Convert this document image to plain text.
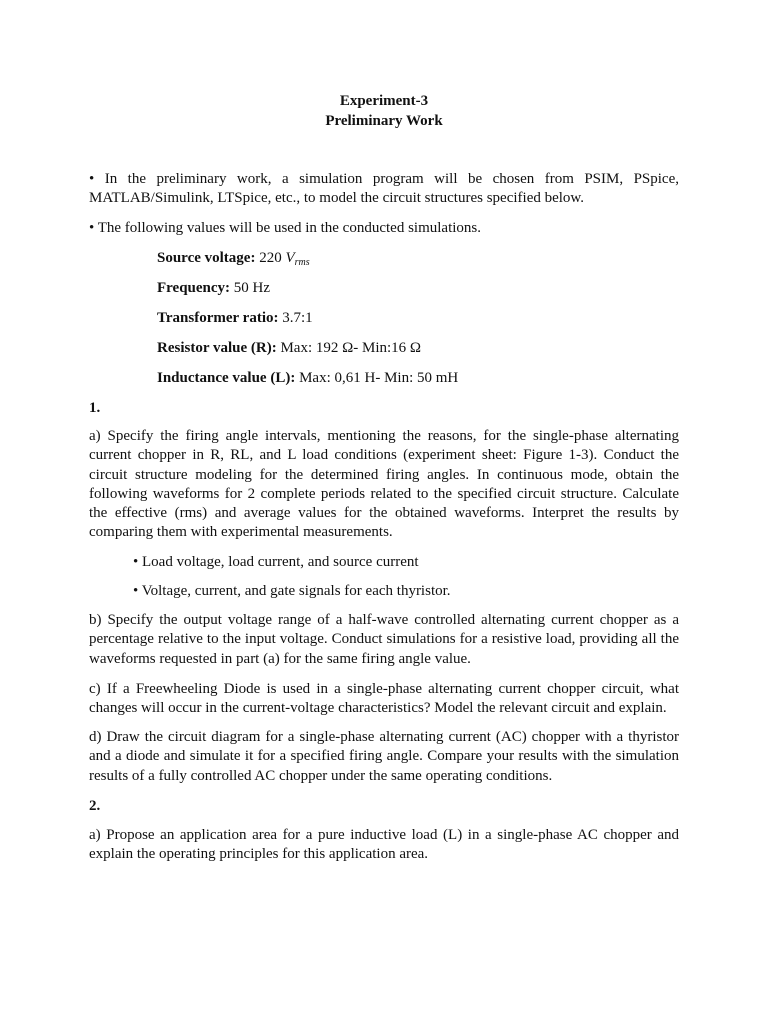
Experiment-3
Preliminary Work
• In the preliminary work, a simulation program will be chosen from PSIM, PSpice, MATLAB/Simulink, LTSpice, etc., to model the circuit structures specified below.
• The following values will be used in the conducted simulations.
Source voltage: 220 $V_{rms}$
Frequency: 50 Hz
Transformer ratio: 3.7:1
Resistor value (R): Max: 192 Ω- Min:16 Ω
Inductance value (L): Max: 0,61 H- Min: 50 mH
1.
a) Specify the firing angle intervals, mentioning the reasons, for the single-phase alternating current chopper in R, RL, and L load conditions (experiment sheet: Figure 1-3). Conduct the circuit structure modeling for the determined firing angles. In continuous mode, obtain the following waveforms for 2 complete periods related to the specified circuit structure. Calculate the effective (rms) and average values for the obtained waveforms. Interpret the results by comparing them with experimental measurements.
• Load voltage, load current, and source current
• Voltage, current, and gate signals for each thyristor.
b) Specify the output voltage range of a half-wave controlled alternating current chopper as a percentage relative to the input voltage. Conduct simulations for a resistive load, providing all the waveforms requested in part (a) for the same firing angle value.
c) If a Freewheeling Diode is used in a single-phase alternating current chopper circuit, what changes will occur in the current-voltage characteristics? Model the relevant circuit and explain.
d) Draw the circuit diagram for a single-phase alternating current (AC) chopper with a thyristor and a diode and simulate it for a specified firing angle. Compare your results with the simulation results of a fully controlled AC chopper under the same operating conditions.
2.
a) Propose an application area for a pure inductive load (L) in a single-phase AC chopper and explain the operating principles for this application area.
